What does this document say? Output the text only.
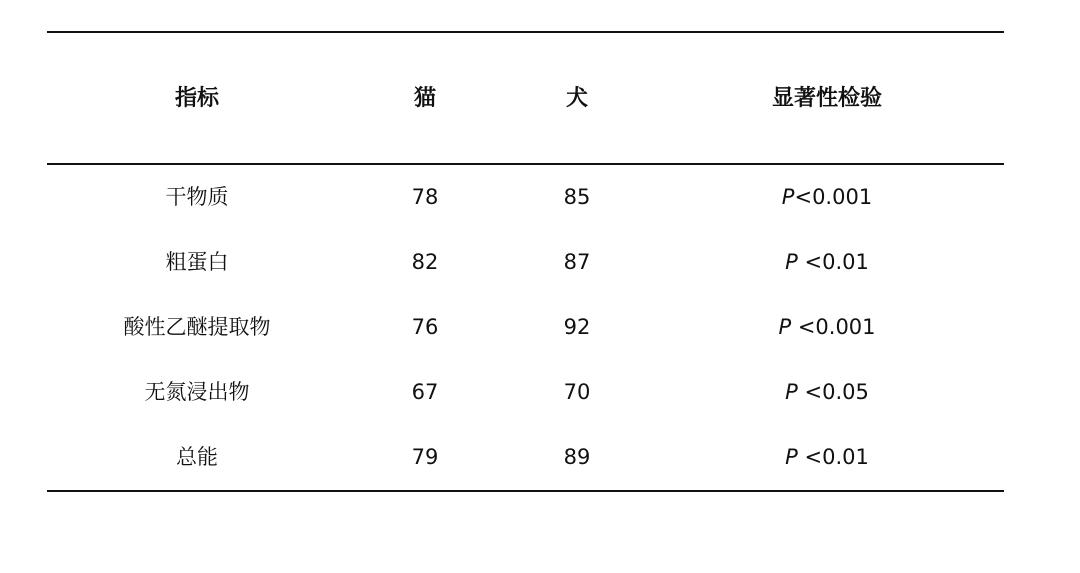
指标	猫	犬	显著性检验
干物质	78	85	P<0.001
粗蛋白	82	87	P <0.01
酸性乙醚提取物	76	92	P <0.001
无氮浸出物	67	70	P <0.05
总能	79	89	P <0.01
